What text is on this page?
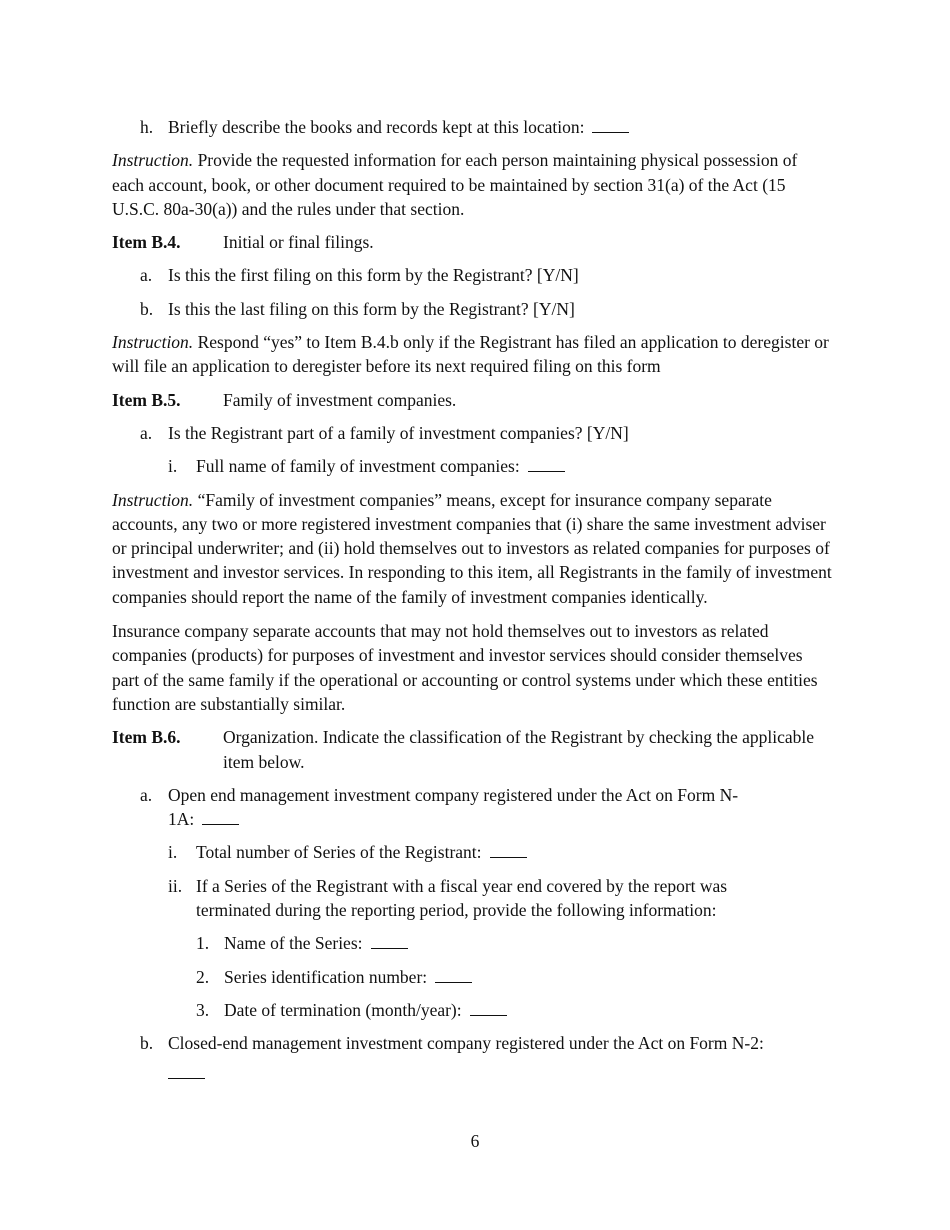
h. Briefly describe the books and records kept at this location:

Instruction. Provide the requested information for each person maintaining physical possession of each account, book, or other document required to be maintained by section 31(a) of the Act (15 U.S.C. 80a-30(a)) and the rules under that section.

Item B.4.	Initial or final filings.
a. Is this the first filing on this form by the Registrant? [Y/N]
b. Is this the last filing on this form by the Registrant? [Y/N]

Instruction. Respond “yes” to Item B.4.b only if the Registrant has filed an application to deregister or will file an application to deregister before its next required filing on this form

Item B.5.	Family of investment companies.
a. Is the Registrant part of a family of investment companies? [Y/N]
i.	Full name of family of investment companies:

Instruction. “Family of investment companies” means, except for insurance company separate accounts, any two or more registered investment companies that (i) share the same investment adviser or principal underwriter; and (ii) hold themselves out to investors as related companies for purposes of investment and investor services. In responding to this item, all Registrants in the family of investment companies should report the name of the family of investment companies identically.

Insurance company separate accounts that may not hold themselves out to investors as related companies (products) for purposes of investment and investor services should consider themselves part of the same family if the operational or accounting or control systems under which these entities function are substantially similar.

Item B.6.	Organization. Indicate the classification of the Registrant by checking the applicable item below.
a. Open end management investment company registered under the Act on Form N-1A:
i.	Total number of Series of the Registrant:
ii. If a Series of the Registrant with a fiscal year end covered by the report was terminated during the reporting period, provide the following information:
1. Name of the Series:
2. Series identification number:
3. Date of termination (month/year):
b. Closed-end management investment company registered under the Act on Form N-2:

6
